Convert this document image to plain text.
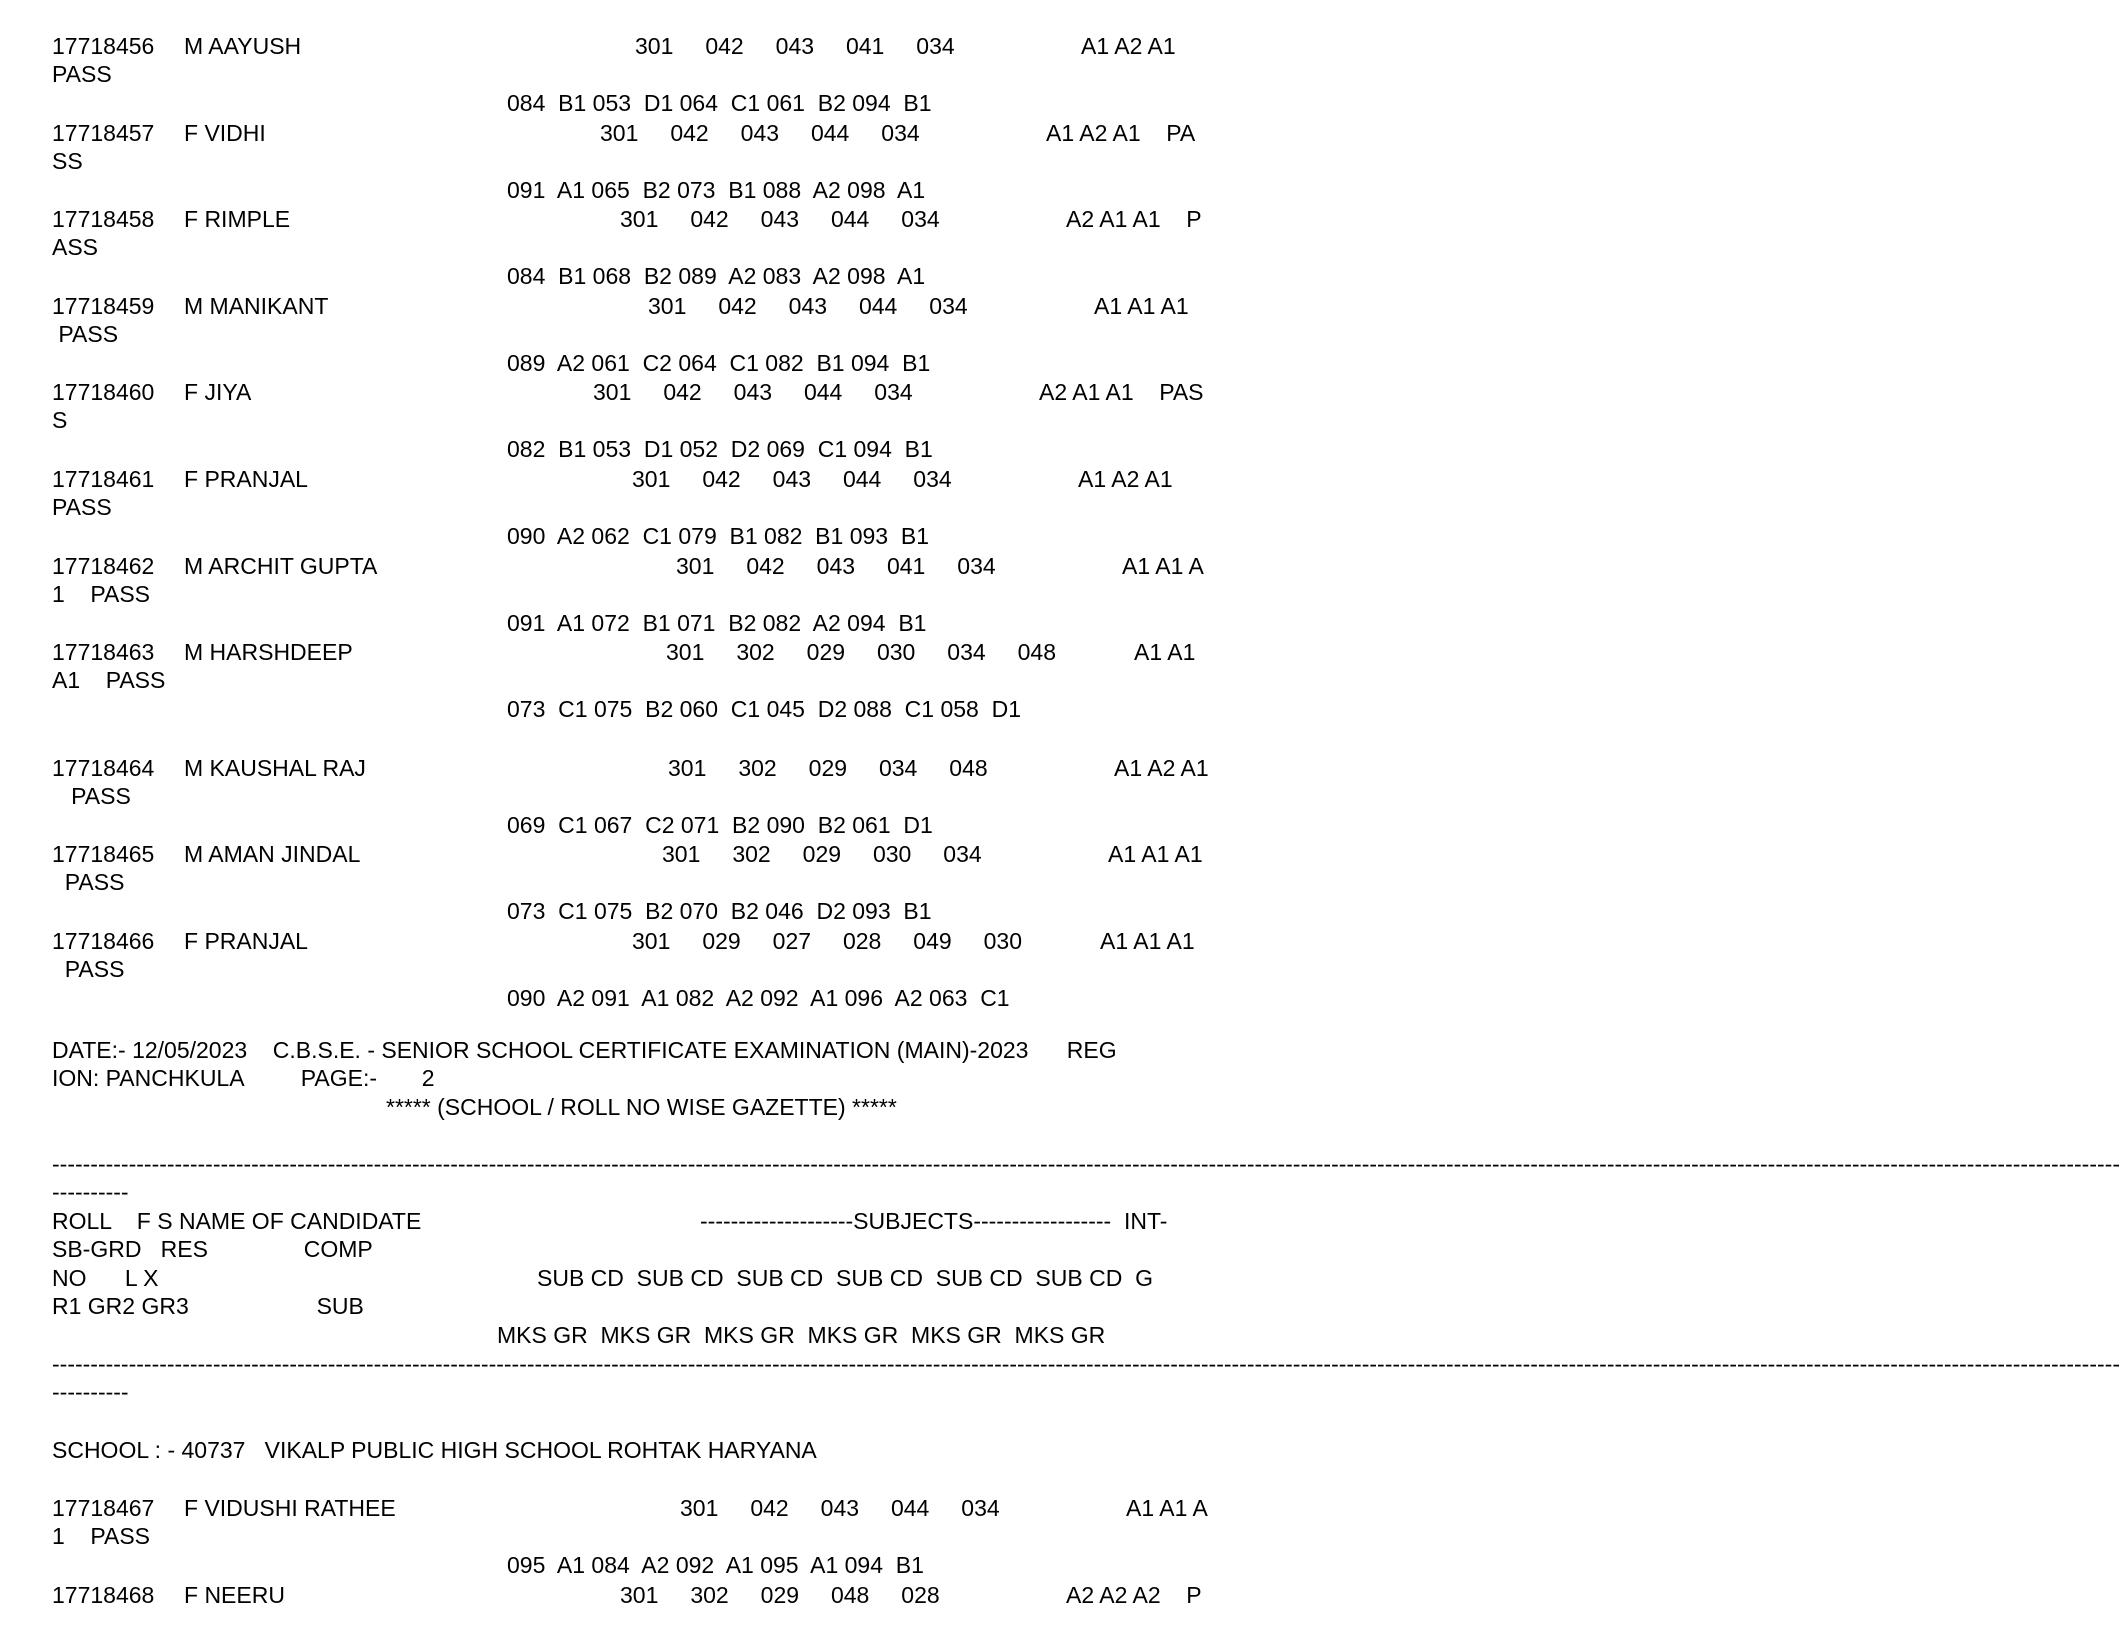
17718456 M AAYUSH	301     042     043     041     034	A1 A2 A1
PASS
084  B1 053  D1 064  C1 061  B2 094  B1
17718457 F VIDHI	301     042     043     044     034	A1 A2 A1    PA
SS
091  A1 065  B2 073  B1 088  A2 098  A1
17718458 F RIMPLE	301     042     043     044     034	A2 A1 A1    P
ASS
084  B1 068  B2 089  A2 083  A2 098  A1
17718459 M MANIKANT	301     042     043     044     034	A1 A1 A1
PASS
089  A2 061  C2 064  C1 082  B1 094  B1
17718460 F JIYA	301     042     043     044     034	A2 A1 A1    PAS
S
082  B1 053  D1 052  D2 069  C1 094  B1
17718461 F PRANJAL	301     042     043     044     034	A1 A2 A1
PASS
090  A2 062  C1 079  B1 082  B1 093  B1
17718462 M ARCHIT GUPTA	301     042     043     041     034	A1 A1 A
1    PASS
091  A1 072  B1 071  B2 082  A2 094  B1
17718463 M HARSHDEEP	301     302     029     030     034     048	A1 A1
A1    PASS
073  C1 075  B2 060  C1 045  D2 088  C1 058  D1
17718464 M KAUSHAL RAJ	301     302     029     034     048	A1 A2 A1
PASS
069  C1 067  C2 071  B2 090  B2 061  D1
17718465 M AMAN JINDAL	301     302     029     030     034	A1 A1 A1
PASS
073  C1 075  B2 070  B2 046  D2 093  B1
17718466 F PRANJAL	301     029     027     028     049     030	A1 A1 A1
PASS
090  A2 091  A1 082  A2 092  A1 096  A2 063  C1
DATE:- 12/05/2023    C.B.S.E. - SENIOR SCHOOL CERTIFICATE EXAMINATION (MAIN)-2023      REG
ION: PANCHKULA         PAGE:-       2
***** (SCHOOL / ROLL NO WISE GAZETTE) *****
------------------------------------------------------------------------------------------------------------------------------------------------------------------------------------------------------------------------------------------------------------------------------
----------
ROLL    F S NAME OF CANDIDATE	--------------------SUBJECTS------------------  INT-
SB-GRD   RES               COMP
NO      L X	SUB CD  SUB CD  SUB CD  SUB CD  SUB CD  SUB CD  G
R1 GR2 GR3                    SUB
MKS GR  MKS GR  MKS GR  MKS GR  MKS GR  MKS GR
------------------------------------------------------------------------------------------------------------------------------------------------------------------------------------------------------------------------------------------------------------------------------
----------
SCHOOL : - 40737   VIKALP PUBLIC HIGH SCHOOL ROHTAK HARYANA
17718467 F VIDUSHI RATHEE	301     042     043     044     034	A1 A1 A
1    PASS
095  A1 084  A2 092  A1 095  A1 094  B1
17718468 F NEERU	301     302     029     048     028	A2 A2 A2    P
